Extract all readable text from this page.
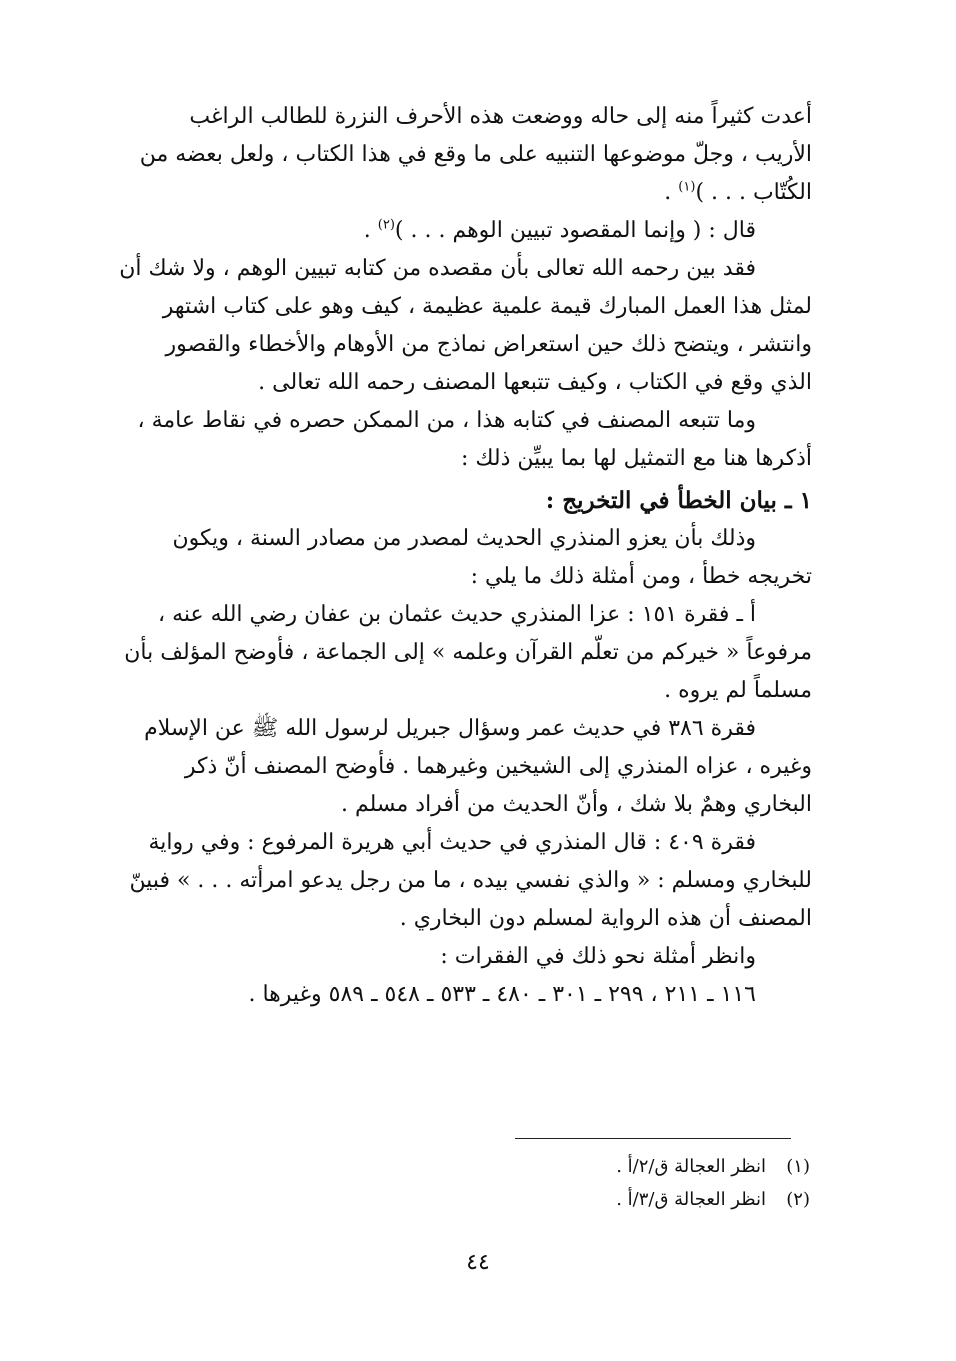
أعدت كثيراً منه إلى حاله ووضعت هذه الأحرف النزرة للطالب الراغب
الأريب ، وجلّ موضوعها التنبيه على ما وقع في هذا الكتاب ، ولعل بعضه من
الكُتّاب . . . )$^{(١)}$ .
قال : ( وإنما المقصود تبيين الوهم . . . )$^{(٢)}$ .
فقد بين رحمه الله تعالى بأن مقصده من كتابه تبيين الوهم ، ولا شك أن
لمثل هذا العمل المبارك قيمة علمية عظيمة ، كيف وهو على كتاب اشتهر
وانتشر ، ويتضح ذلك حين استعراض نماذج من الأوهام والأخطاء والقصور
الذي وقع في الكتاب ، وكيف تتبعها المصنف رحمه الله تعالى .
وما تتبعه المصنف في كتابه هذا ، من الممكن حصره في نقاط عامة ،
أذكرها هنا مع التمثيل لها بما يبيِّن ذلك :
١ ـ بيان الخطأ في التخريج :
وذلك بأن يعزو المنذري الحديث لمصدر من مصادر السنة ، ويكون
تخريجه خطأ ، ومن أمثلة ذلك ما يلي :
أ ـ فقرة ١٥١ : عزا المنذري حديث عثمان بن عفان رضي الله عنه ،
مرفوعاً « خيركم من تعلّم القرآن وعلمه » إلى الجماعة ، فأوضح المؤلف بأن
مسلماً لم يروه .
فقرة ٣٨٦ في حديث عمر وسؤال جبريل لرسول الله ﷺ عن الإسلام
وغيره ، عزاه المنذري إلى الشيخين وغيرهما . فأوضح المصنف أنّ ذكر
البخاري وهمٌ بلا شك ، وأنّ الحديث من أفراد مسلم .
فقرة ٤٠٩ : قال المنذري في حديث أبي هريرة المرفوع : وفي رواية
للبخاري ومسلم : « والذي نفسي بيده ، ما من رجل يدعو امرأته . . . » فبينّ
المصنف أن هذه الرواية لمسلم دون البخاري .
وانظر أمثلة نحو ذلك في الفقرات :
١١٦ ـ ٢١١ ، ٢٩٩ ـ ٣٠١ ـ ٤٨٠ ـ ٥٣٣ ـ ٥٤٨ ـ ٥٨٩ وغيرها .
(١)انظر العجالة ق/٢/أ .
(٢)انظر العجالة ق/٣/أ .
٤٤
